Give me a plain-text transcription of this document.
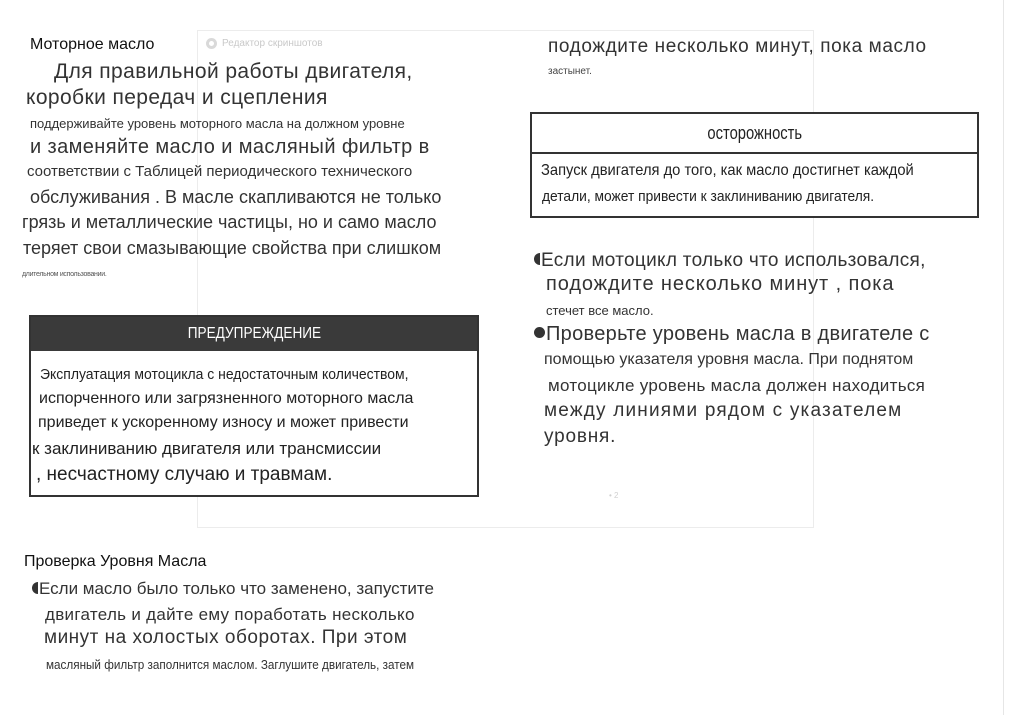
Редактор скриншотов
Моторное масло
Для правильной работы двигателя,
коробки передач и сцепления
поддерживайте уровень моторного масла на должном уровне
и заменяйте масло и масляный фильтр в
соответствии с Таблицей периодического технического
обслуживания . В масле скапливаются не только
грязь и металлические частицы, но и само масло
теряет свои смазывающие свойства при слишком
длительном использовании.
ПРЕДУПРЕЖДЕНИЕ
Эксплуатация мотоцикла с недостаточным количеством,
испорченного или загрязненного моторного масла
приведет к ускоренному износу и может привести
к заклиниванию двигателя или трансмиссии
, несчастному случаю и травмам.
Проверка Уровня Масла
Если масло было только что заменено, запустите
двигатель и дайте ему поработать несколько
минут на холостых оборотах. При этом
масляный фильтр заполнится маслом. Заглушите двигатель, затем
подождите несколько минут, пока масло
застынет.
осторожность
Запуск двигателя до того, как масло достигнет каждой
детали, может привести к заклиниванию двигателя.
Если мотоцикл только что использовался,
подождите несколько минут , пока
стечет все масло.
Проверьте уровень масла в двигателе с
помощью указателя уровня масла. При поднятом
мотоцикле уровень масла должен находиться
между линиями рядом с указателем
уровня.
• 2
